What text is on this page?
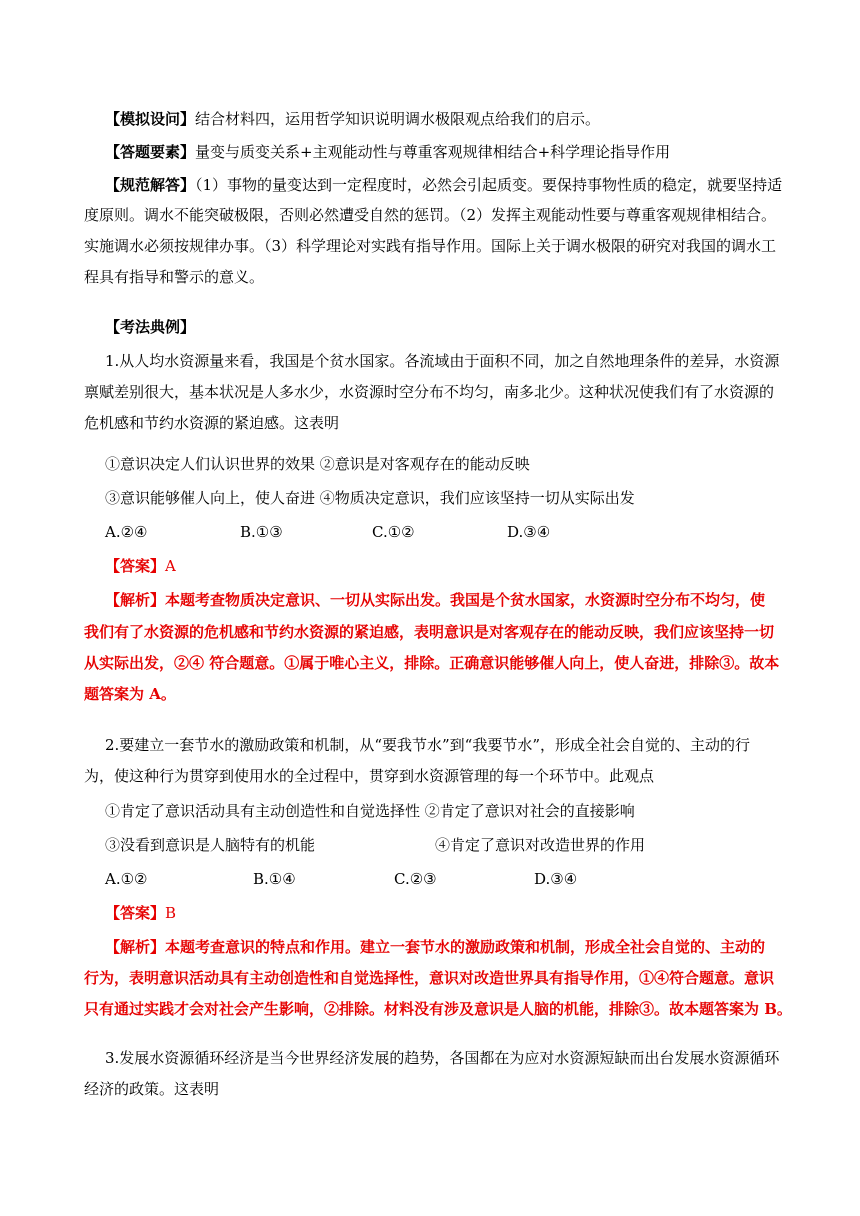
【模拟设问】结合材料四，运用哲学知识说明调水极限观点给我们的启示。
【答题要素】量变与质变关系+主观能动性与尊重客观规律相结合+科学理论指导作用
【规范解答】（1）事物的量变达到一定程度时，必然会引起质变。要保持事物性质的稳定，就要坚持适
度原则。调水不能突破极限，否则必然遭受自然的惩罚。（2）发挥主观能动性要与尊重客观规律相结合。
实施调水必须按规律办事。（3）科学理论对实践有指导作用。国际上关于调水极限的研究对我国的调水工
程具有指导和警示的意义。
【考法典例】
1.从人均水资源量来看，我国是个贫水国家。各流域由于面积不同，加之自然地理条件的差异，水资源
禀赋差别很大，基本状况是人多水少，水资源时空分布不均匀，南多北少。这种状况使我们有了水资源的
危机感和节约水资源的紧迫感。这表明
①意识决定人们认识世界的效果 ②意识是对客观存在的能动反映
③意识能够催人向上，使人奋进 ④物质决定意识，我们应该坚持一切从实际出发
A.②④	B.①③	C.①②	D.③④
【答案】A
【解析】本题考查物质决定意识、一切从实际出发。我国是个贫水国家，水资源时空分布不均匀，使
我们有了水资源的危机感和节约水资源的紧迫感，表明意识是对客观存在的能动反映，我们应该坚持一切
从实际出发，②④ 符合题意。①属于唯心主义，排除。正确意识能够催人向上，使人奋进，排除③。故本
题答案为 A。
2.要建立一套节水的激励政策和机制，从“要我节水”到“我要节水”，形成全社会自觉的、主动的行
为，使这种行为贯穿到使用水的全过程中，贯穿到水资源管理的每一个环节中。此观点
①肯定了意识活动具有主动创造性和自觉选择性 ②肯定了意识对社会的直接影响
③没看到意识是人脑特有的机能	④肯定了意识对改造世界的作用
A.①②	B.①④	C.②③	D.③④
【答案】B
【解析】本题考查意识的特点和作用。建立一套节水的激励政策和机制，形成全社会自觉的、主动的
行为，表明意识活动具有主动创造性和自觉选择性，意识对改造世界具有指导作用，①④符合题意。意识
只有通过实践才会对社会产生影响，②排除。材料没有涉及意识是人脑的机能，排除③。故本题答案为 B。
3.发展水资源循环经济是当今世界经济发展的趋势，各国都在为应对水资源短缺而出台发展水资源循环
经济的政策。这表明
